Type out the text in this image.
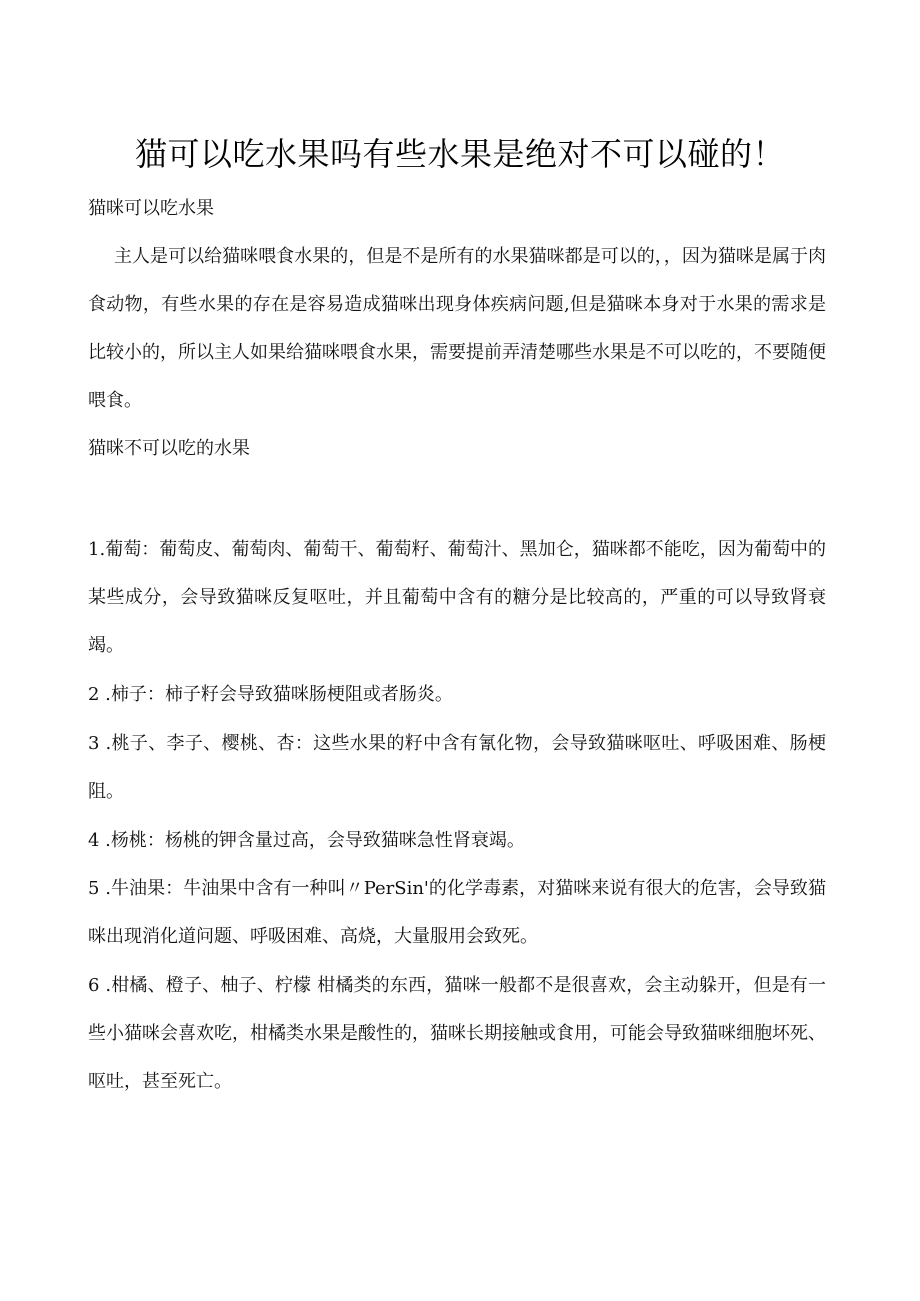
猫可以吃水果吗有些水果是绝对不可以碰的！

猫咪可以吃水果

主人是可以给猫咪喂食水果的，但是不是所有的水果猫咪都是可以的，，因为猫咪是属于肉食动物，有些水果的存在是容易造成猫咪出现身体疾病问题,但是猫咪本身对于水果的需求是比较小的，所以主人如果给猫咪喂食水果，需要提前弄清楚哪些水果是不可以吃的，不要随便喂食。

猫咪不可以吃的水果

1.葡萄：葡萄皮、葡萄肉、葡萄干、葡萄籽、葡萄汁、黑加仑，猫咪都不能吃，因为葡萄中的某些成分，会导致猫咪反复呕吐，并且葡萄中含有的糖分是比较高的，严重的可以导致肾衰竭。

2 .柿子：柿子籽会导致猫咪肠梗阻或者肠炎。

3 .桃子、李子、樱桃、杏：这些水果的籽中含有氰化物，会导致猫咪呕吐、呼吸困难、肠梗阻。

4 .杨桃：杨桃的钾含量过高，会导致猫咪急性肾衰竭。

5 .牛油果：牛油果中含有一种叫〃PerSin'的化学毒素，对猫咪来说有很大的危害，会导致猫咪出现消化道问题、呼吸困难、高烧，大量服用会致死。

6 .柑橘、橙子、柚子、柠檬 柑橘类的东西，猫咪一般都不是很喜欢，会主动躲开，但是有一些小猫咪会喜欢吃，柑橘类水果是酸性的，猫咪长期接触或食用，可能会导致猫咪细胞坏死、呕吐，甚至死亡。
